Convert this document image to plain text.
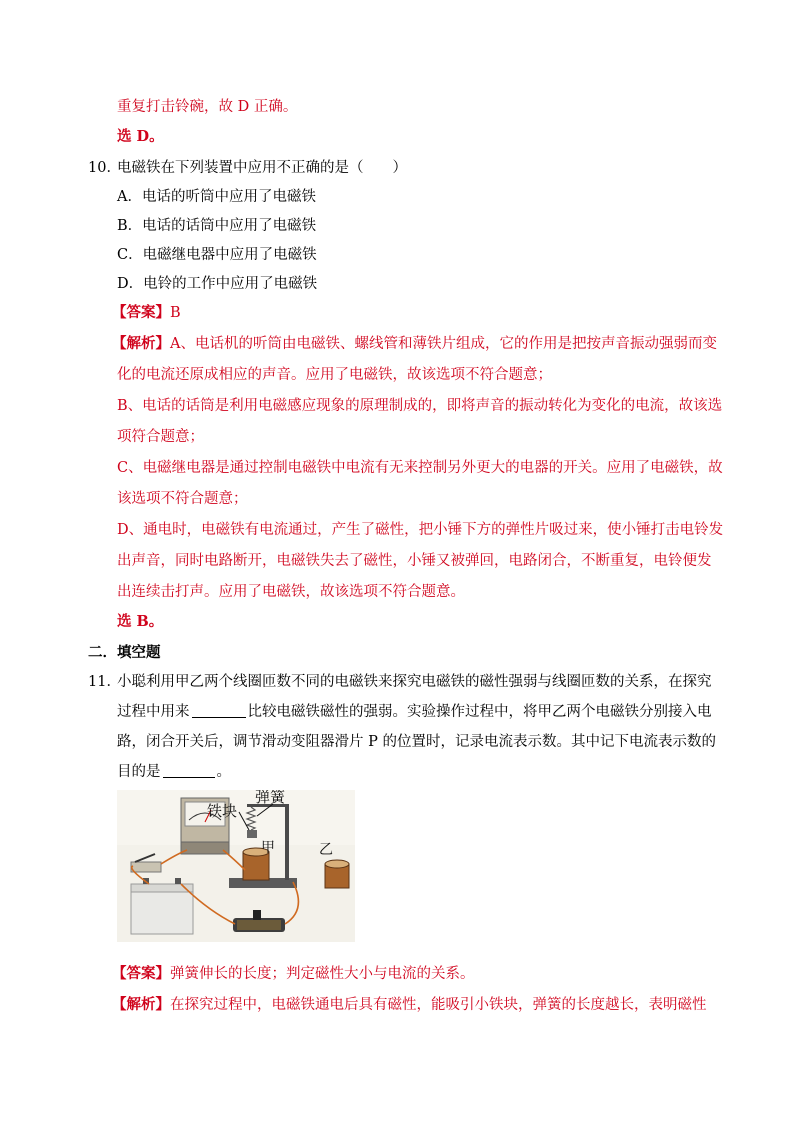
重复打击铃碗，故 D 正确。
选 D。
10．
电磁铁在下列装置中应用不正确的是（　　）
A．电话的听筒中应用了电磁铁
B．电话的话筒中应用了电磁铁
C．电磁继电器中应用了电磁铁
D．电铃的工作中应用了电磁铁
【答案】B
【解析】A、电话机的听筒由电磁铁、螺线管和薄铁片组成，它的作用是把按声音振动强弱而变
化的电流还原成相应的声音。应用了电磁铁，故该选项不符合题意；
B、电话的话筒是利用电磁感应现象的原理制成的，即将声音的振动转化为变化的电流，故该选
项符合题意；
C、电磁继电器是通过控制电磁铁中电流有无来控制另外更大的电器的开关。应用了电磁铁，故
该选项不符合题意；
D、通电时，电磁铁有电流通过，产生了磁性，把小锤下方的弹性片吸过来，使小锤打击电铃发
出声音，同时电路断开，电磁铁失去了磁性，小锤又被弹回，电路闭合，不断重复，电铃便发
出连续击打声。应用了电磁铁，故该选项不符合题意。
选 B。
二．填空题
11．
小聪利用甲乙两个线圈匝数不同的电磁铁来探究电磁铁的磁性强弱与线圈匝数的关系，在探究
过程中用来	比较电磁铁磁性的强弱。实验操作过程中，将甲乙两个电磁铁分别接入电
路，闭合开关后，调节滑动变阻器滑片 P 的位置时，记录电流表示数。其中记下电流表示数的
目的是	。
铁块
弹簧
甲	乙
【答案】弹簧伸长的长度；判定磁性大小与电流的关系。
【解析】在探究过程中，电磁铁通电后具有磁性，能吸引小铁块，弹簧的长度越长，表明磁性
